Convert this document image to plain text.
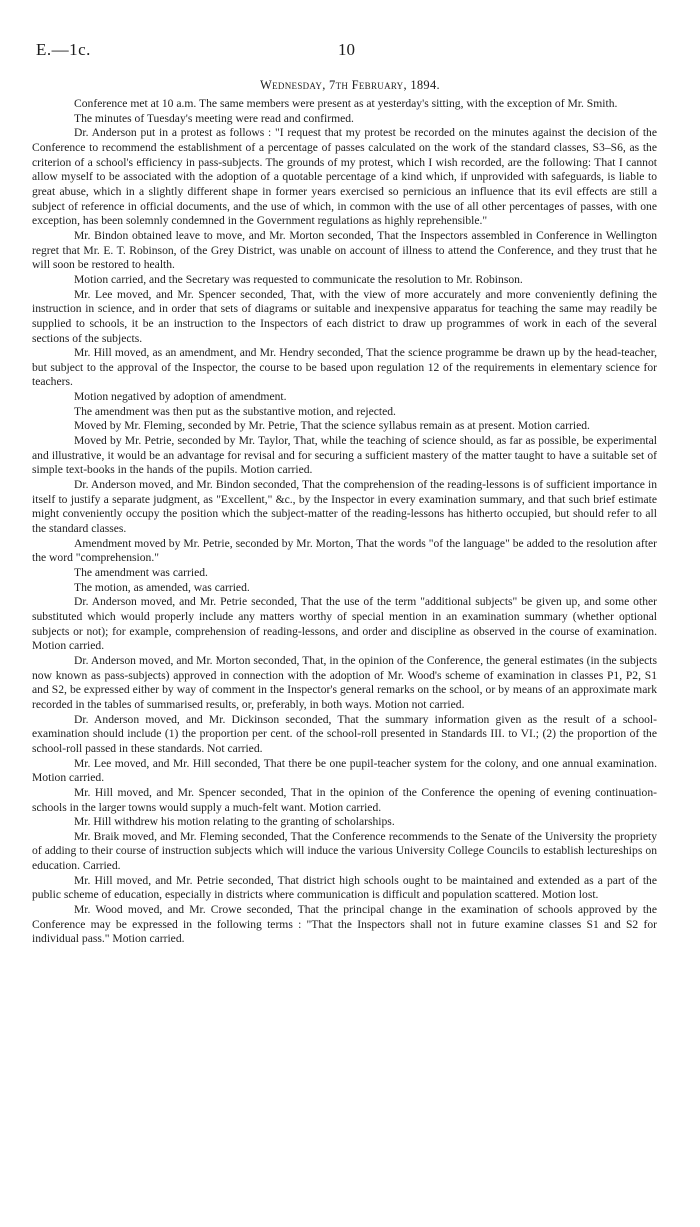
E.—1c.	10
Wednesday, 7th February, 1894.

Conference met at 10 a.m. The same members were present as at yesterday's sitting, with the exception of Mr. Smith.

The minutes of Tuesday's meeting were read and confirmed.

Dr. Anderson put in a protest as follows : "I request that my protest be recorded on the minutes against the decision of the Conference to recommend the establishment of a percentage of passes calculated on the work of the standard classes, S3–S6, as the criterion of a school's efficiency in pass-subjects. The grounds of my protest, which I wish recorded, are the following: That I cannot allow myself to be associated with the adoption of a quotable percentage of a kind which, if unprovided with safeguards, is liable to great abuse, which in a slightly different shape in former years exercised so pernicious an influence that its evil effects are still a subject of reference in official documents, and the use of which, in common with the use of all other percentages of passes, with one exception, has been solemnly condemned in the Government regulations as highly reprehensible."

Mr. Bindon obtained leave to move, and Mr. Morton seconded, That the Inspectors assembled in Conference in Wellington regret that Mr. E. T. Robinson, of the Grey District, was unable on account of illness to attend the Conference, and they trust that he will soon be restored to health.

Motion carried, and the Secretary was requested to communicate the resolution to Mr. Robinson.

Mr. Lee moved, and Mr. Spencer seconded, That, with the view of more accurately and more conveniently defining the instruction in science, and in order that sets of diagrams or suitable and inexpensive apparatus for teaching the same may readily be supplied to schools, it be an instruction to the Inspectors of each district to draw up programmes of work in each of the several sections of the subjects.

Mr. Hill moved, as an amendment, and Mr. Hendry seconded, That the science programme be drawn up by the head-teacher, but subject to the approval of the Inspector, the course to be based upon regulation 12 of the requirements in elementary science for teachers.

Motion negatived by adoption of amendment.

The amendment was then put as the substantive motion, and rejected.

Moved by Mr. Fleming, seconded by Mr. Petrie, That the science syllabus remain as at present. Motion carried.

Moved by Mr. Petrie, seconded by Mr. Taylor, That, while the teaching of science should, as far as possible, be experimental and illustrative, it would be an advantage for revisal and for securing a sufficient mastery of the matter taught to have a suitable set of simple text-books in the hands of the pupils. Motion carried.

Dr. Anderson moved, and Mr. Bindon seconded, That the comprehension of the reading-lessons is of sufficient importance in itself to justify a separate judgment, as "Excellent," &c., by the Inspector in every examination summary, and that such brief estimate might conveniently occupy the position which the subject-matter of the reading-lessons has hitherto occupied, but should refer to all the standard classes.

Amendment moved by Mr. Petrie, seconded by Mr. Morton, That the words "of the language" be added to the resolution after the word "comprehension."

The amendment was carried.

The motion, as amended, was carried.

Dr. Anderson moved, and Mr. Petrie seconded, That the use of the term "additional subjects" be given up, and some other substituted which would properly include any matters worthy of special mention in an examination summary (whether optional subjects or not); for example, comprehension of reading-lessons, and order and discipline as observed in the course of examination. Motion carried.

Dr. Anderson moved, and Mr. Morton seconded, That, in the opinion of the Conference, the general estimates (in the subjects now known as pass-subjects) approved in connection with the adoption of Mr. Wood's scheme of examination in classes P1, P2, S1 and S2, be expressed either by way of comment in the Inspector's general remarks on the school, or by means of an approximate mark recorded in the tables of summarised results, or, preferably, in both ways. Motion not carried.

Dr. Anderson moved, and Mr. Dickinson seconded, That the summary information given as the result of a school-examination should include (1) the proportion per cent. of the school-roll presented in Standards III. to VI.; (2) the proportion of the school-roll passed in these standards. Not carried.

Mr. Lee moved, and Mr. Hill seconded, That there be one pupil-teacher system for the colony, and one annual examination. Motion carried.

Mr. Hill moved, and Mr. Spencer seconded, That in the opinion of the Conference the opening of evening continuation-schools in the larger towns would supply a much-felt want. Motion carried.

Mr. Hill withdrew his motion relating to the granting of scholarships.

Mr. Braik moved, and Mr. Fleming seconded, That the Conference recommends to the Senate of the University the propriety of adding to their course of instruction subjects which will induce the various University College Councils to establish lectureships on education. Carried.

Mr. Hill moved, and Mr. Petrie seconded, That district high schools ought to be maintained and extended as a part of the public scheme of education, especially in districts where communication is difficult and population scattered. Motion lost.

Mr. Wood moved, and Mr. Crowe seconded, That the principal change in the examination of schools approved by the Conference may be expressed in the following terms : "That the Inspectors shall not in future examine classes S1 and S2 for individual pass." Motion carried.
